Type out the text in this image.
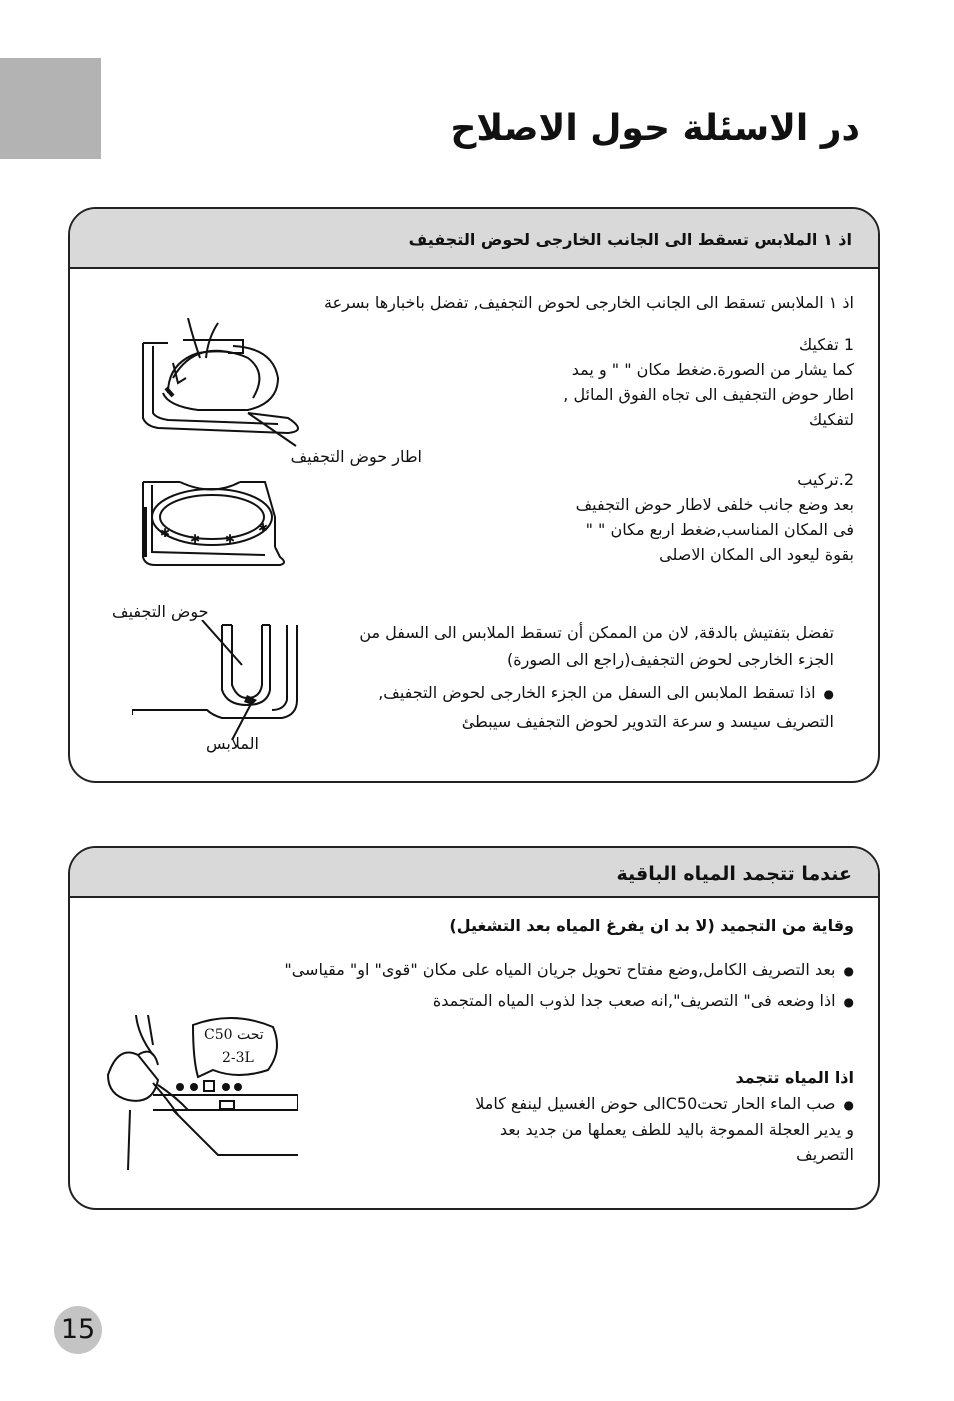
در الاسئلة حول الاصلاح
اذ ١ الملابس تسقط الى الجانب الخارجى لحوض التجفيف
اذ ١ الملابس تسقط الى الجانب الخارجى لحوض التجفيف, تفضل باخبارها بسرعة
1 تفكيك
كما يشار من الصورة.ضغط مكان " " و يمد
اطار حوض التجفيف الى تجاه الفوق المائل ,
لتفكيك
2.تركيب
بعد وضع جانب خلفى لاطار حوض التجفيف
فى المكان المناسب,ضغط اربع مكان " "
بقوة ليعود الى المكان الاصلى
تفضل بتفتيش بالدقة, لان من الممكن أن تسقط الملابس الى السفل من
الجزء الخارجى لحوض التجفيف(راجع الى الصورة)
● اذا تسقط الملابس الى السفل من الجزء الخارجى لحوض التجفيف,
التصريف سيسد و سرعة التدوير لحوض التجفيف سيبطئ
اطار حوض التجفيف
✱ ✱ ✱
✱
حوض التجفيف
الملابس
عندما تتجمد المياه الباقية
وقاية من التجميد (لا بد ان يفرغ المياه بعد التشغيل)
● بعد التصريف الكامل,وضع مفتاح تحويل جريان المياه على مكان "قوى" او" مقياسى"
● اذا وضعه فى" التصريف",انه صعب جدا لذوب المياه المتجمدة
اذا المياه تتجمد
● صب الماء الحار تحتC50الى حوض الغسيل لينفع كاملا
و يدير العجلة المموجة باليد للطف يعملها من جديد بعد
التصريف
تحت C50
2-3L
15
